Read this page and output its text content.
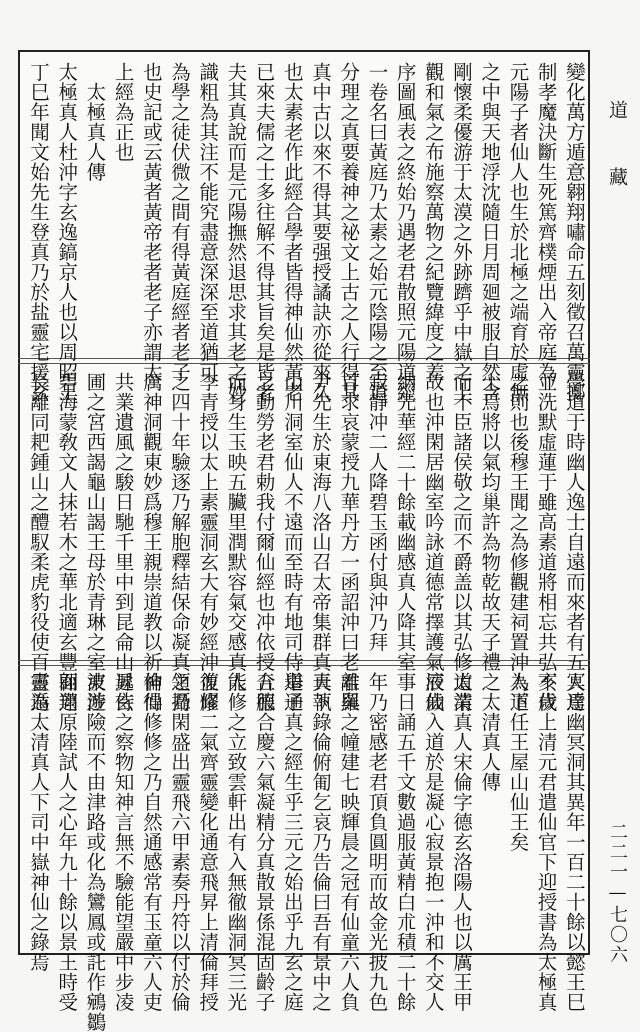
道藏
二二一—七〇六
變化萬方遁意翱翔嘯命五刻徵召萬靈擲
制孝魔決斷生死篤齊樸煙出入帝庭為
元陽子者仙人也生於北極之端育於虛無
之中與天地浮沈隨日月周廻被服自然含
剛懷柔優游于太漠之外跡躋乎中嶽之上
觀和氣之布施察萬物之紀覽緯度之差
序圖風表之終始乃遇老君散照元陽道經
一卷名曰黃庭乃太素之始元陰陽之至道
分理之真要養神之祕文上古之人行得其
真中古以來不得其要强授譎訣亦從來久
也太素老作此經合學者皆得神仙然黃老
已來夫儒之士多往解不得其旨矣是皆老
夫其真說而是元陽撫然退思求其老之妙
識粗為其注不能究盡意深深至道猶可
為學之徒伏微之間有得黃庭經者老子
也史記或云黃者黃帝老者老子亦謂太
上經為正也
太極真人傳
太極真人杜沖字玄逸鎬京人也以周昭王
丁巳年聞文始先生登真乃於盐靈宅援玄
學道于時幽人逸士自遠而來者有五人焉
並洗默虛蓮于雖高素道將相忘共弘不伐
之則也後穆王聞之為修觀建祠置沖為道
士焉將以氣均巢許為物乾故天子禮之
而不臣諸侯敬之而不爵盖以其弘修道業
故也沖閑居幽室吟詠道德常擇護氣液仙
納先華經二十餘載幽感真人降其室
寂靜冲二人降碧玉函付與沖乃拜
首求哀蒙授九華丹方一函詔沖曰老君與
尹先生於東海八洛山召太帝集群真天下
山川洞室仙人不遠而至時有地司侍舉子
之動勞老君勅我付爾仙經也冲依授合服
而身生玉映五臟里潤默容氣交感真人
李青授以太上素靈洞玄大有妙經沖復修
之四十年驗逐乃解胞釋結保命凝真領攝
厲神洞觀東妙爲穆王親崇道教以祈神仙
共業遺風之駿日馳千里中到昆侖山昇玄
圃之宮西謁龜山謁王母於青琳之室東遊
碧海蒙敎文人抹若木之華北適玄豐面邁
長離同耙鍾山之醴馭柔虎豹役使百靈遁
冥達幽冥洞其異年一百二十餘以懿王巳
亥歲上清元君遣仙官下迎授書為太極真
人下任王屋山仙王矣
太清真人傳
太清真人宋倫字德玄洛陽人也以厲王甲
辰歲入道於是凝心寂景抱一沖和不交人
事日誦五千文數過服黃精白朮積二十餘
年乃密感老君頂負圓明而故金光披九色
離羅之幢建七映輝晨之冠有仙童六人負
真執錄倫俯匍乞哀乃告倫曰吾有景中之
道通真之經生乎三元之始出乎九玄之庭
五德合慶六氣凝精分真散景係混固齡子
能修之立致雲軒出有入無徹幽洞冥三光
並耀二氣齊靈變化通意飛昇上清倫拜授
之乃閑盛出靈飛六甲素奏丹符以付於倫
倫得修修之乃自然通感常有玉童六人吏
遞侍之察物知神言無不驗能望嚴中步凌
波涉險而不由津路或化為鸞鳳或託作鵷鶵
翱翔原陸試人之心年九十餘以景王時受
書為太清真人下司中嶽神仙之錄焉
